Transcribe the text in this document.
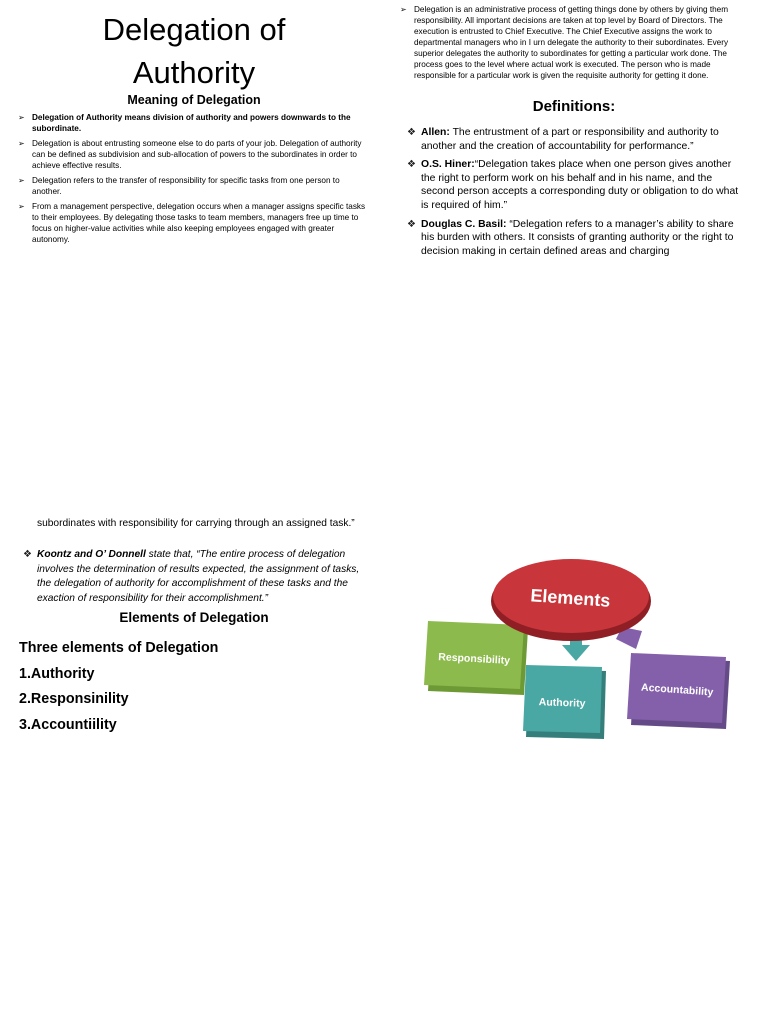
Delegation of
Authority
Meaning of Delegation
➢ Delegation of Authority means division of authority and powers downwards to the subordinate.
➢ Delegation is about entrusting someone else to do parts of your job. Delegation of authority can be defined as subdivision and sub-allocation of powers to the subordinates in order to achieve effective results.
➢ Delegation refers to the transfer of responsibility for specific tasks from one person to another.
➢ From a management perspective, delegation occurs when a manager assigns specific tasks to their employees. By delegating those tasks to team members, managers free up time to focus on higher-value activities while also keeping employees engaged with greater autonomy.
➢ Delegation is an administrative process of getting things done by others by giving them responsibility. All important decisions are taken at top level by Board of Directors. The execution is entrusted to Chief Executive. The Chief Executive assigns the work to departmental managers who in I urn delegate the authority to their subordinates. Every superior delegates the authority to subordinates for getting a particular work done. The process goes to the level where actual work is executed. The person who is made responsible for a particular work is given the requisite authority for getting it done.
Definitions:
❖ Allen: The entrustment of a part or responsibility and authority to another and the creation of accountability for performance.”
❖ O.S. Hiner:“Delegation takes place when one person gives another the right to perform work on his behalf and in his name, and the second person accepts a corresponding duty or obligation to do what is required of him.”
❖ Douglas C. Basil: “Delegation refers to a manager’s ability to share his burden with others. It consists of granting authority or the right to decision making in certain defined areas and charging
subordinates with responsibility for carrying through an assigned task.”
❖ Koontz and O’ Donnell state that, “The entire process of delegation involves the determination of results expected, the assignment of tasks, the delegation of authority for accomplishment of these tasks and the exaction of responsibility for their accomplishment.”
Elements of Delegation
Three elements of Delegation
1.Authority
2.Responsinility
3.Accountiility
Responsibility
Accountability
Authority
Elements
